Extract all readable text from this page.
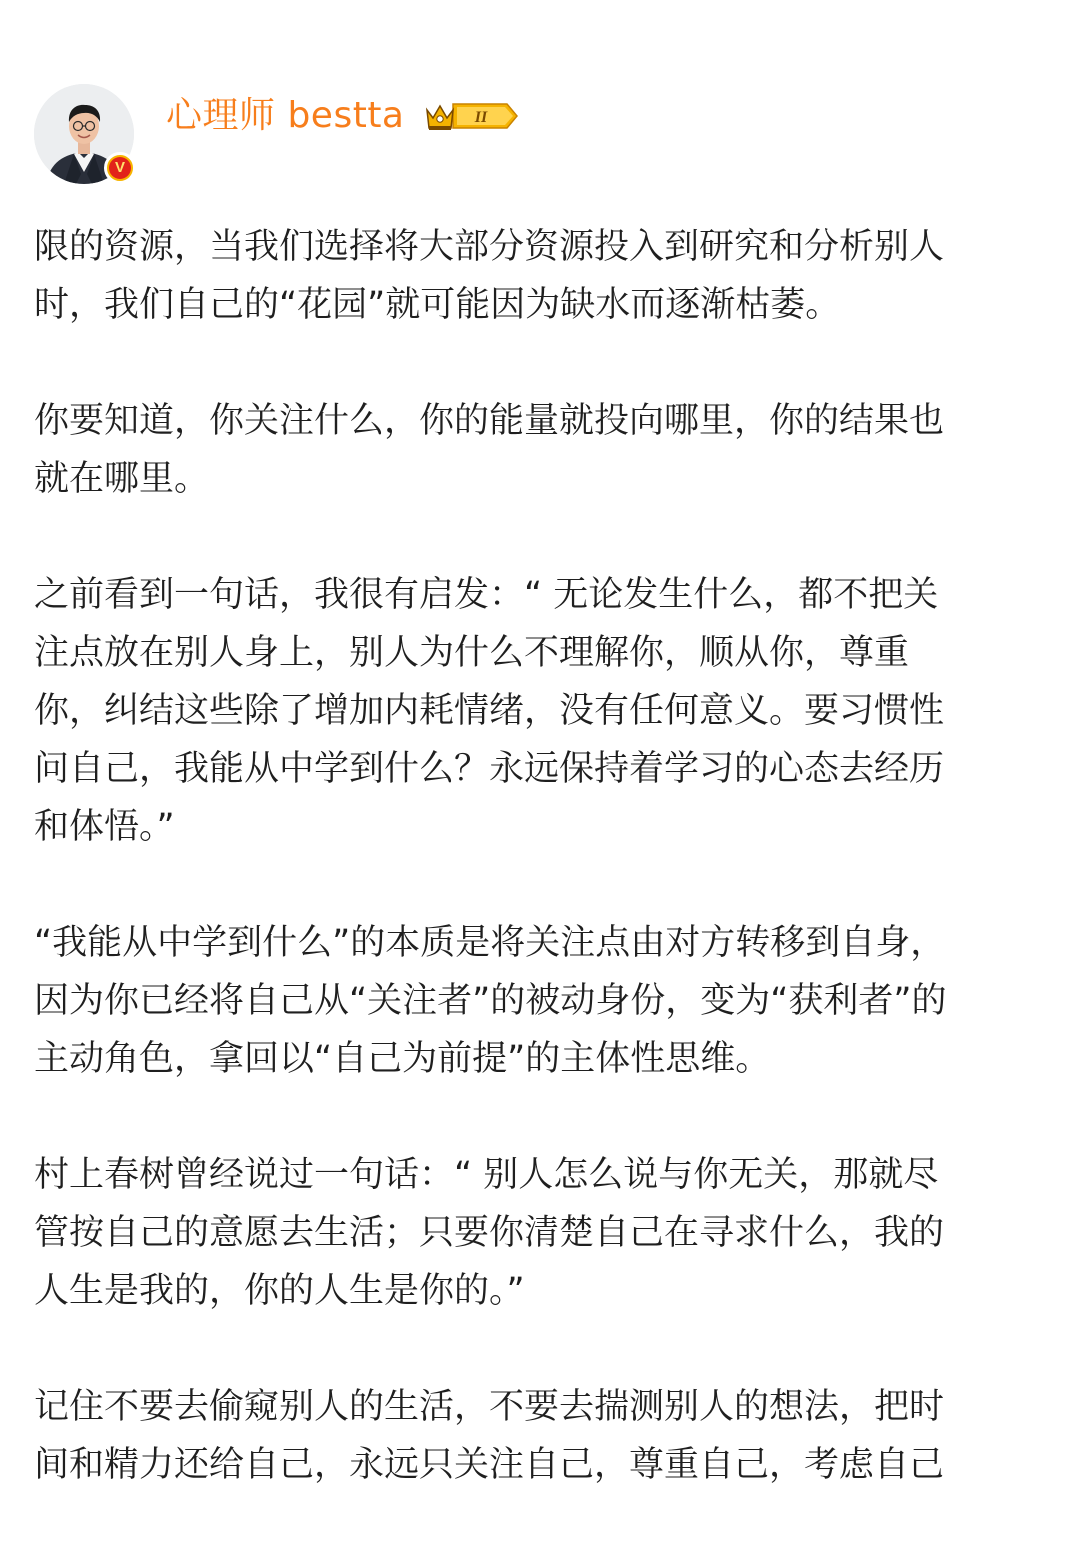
V
心理师 bestta	II
限的资源，当我们选择将大部分资源投入到研究和分析别人
时，我们自己的“花园”就可能因为缺水而逐渐枯萎。
你要知道，你关注什么，你的能量就投向哪里，你的结果也
就在哪里。
之前看到一句话，我很有启发：“ 无论发生什么，都不把关
注点放在别人身上，别人为什么不理解你，顺从你，尊重
你，纠结这些除了增加内耗情绪，没有任何意义。要习惯性
问自己，我能从中学到什么？永远保持着学习的心态去经历
和体悟。”
“我能从中学到什么”的本质是将关注点由对方转移到自身，
因为你已经将自己从“关注者”的被动身份，变为“获利者”的
主动角色，拿回以“自己为前提”的主体性思维。
村上春树曾经说过一句话：“ 别人怎么说与你无关，那就尽
管按自己的意愿去生活；只要你清楚自己在寻求什么，我的
人生是我的，你的人生是你的。”
记住不要去偷窥别人的生活，不要去揣测别人的想法，把时
间和精力还给自己，永远只关注自己，尊重自己，考虑自己
